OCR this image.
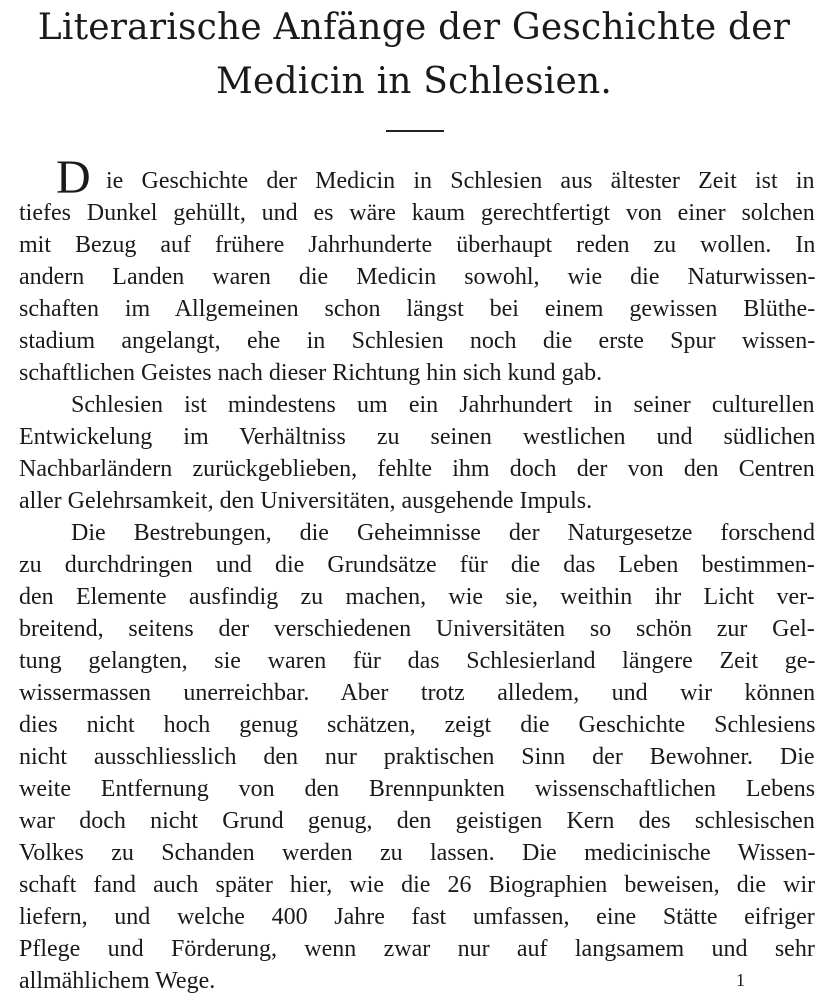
Literarische Anfänge der Geschichte der
Medicin in Schlesien.
D ie Geschichte der Medicin in Schlesien aus ältester Zeit ist in
tiefes Dunkel gehüllt, und es wäre kaum gerechtfertigt von einer solchen
mit Bezug auf frühere Jahrhunderte überhaupt reden zu wollen. In
andern Landen waren die Medicin sowohl, wie die Naturwissen-
schaften im Allgemeinen schon längst bei einem gewissen Blüthe-
stadium angelangt, ehe in Schlesien noch die erste Spur wissen-
schaftlichen Geistes nach dieser Richtung hin sich kund gab.
Schlesien ist mindestens um ein Jahrhundert in seiner culturellen
Entwickelung im Verhältniss zu seinen westlichen und südlichen
Nachbarländern zurückgeblieben, fehlte ihm doch der von den Centren
aller Gelehrsamkeit, den Universitäten, ausgehende Impuls.
Die Bestrebungen, die Geheimnisse der Naturgesetze forschend
zu durchdringen und die Grundsätze für die das Leben bestimmen-
den Elemente ausfindig zu machen, wie sie, weithin ihr Licht ver-
breitend, seitens der verschiedenen Universitäten so schön zur Gel-
tung gelangten, sie waren für das Schlesierland längere Zeit ge-
wissermassen unerreichbar. Aber trotz alledem, und wir können
dies nicht hoch genug schätzen, zeigt die Geschichte Schlesiens
nicht ausschliesslich den nur praktischen Sinn der Bewohner. Die
weite Entfernung von den Brennpunkten wissenschaftlichen Lebens
war doch nicht Grund genug, den geistigen Kern des schlesischen
Volkes zu Schanden werden zu lassen. Die medicinische Wissen-
schaft fand auch später hier, wie die 26 Biographien beweisen, die wir
liefern, und welche 400 Jahre fast umfassen, eine Stätte eifriger
Pflege und Förderung, wenn zwar nur auf langsamem und sehr
allmählichem Wege.	1
